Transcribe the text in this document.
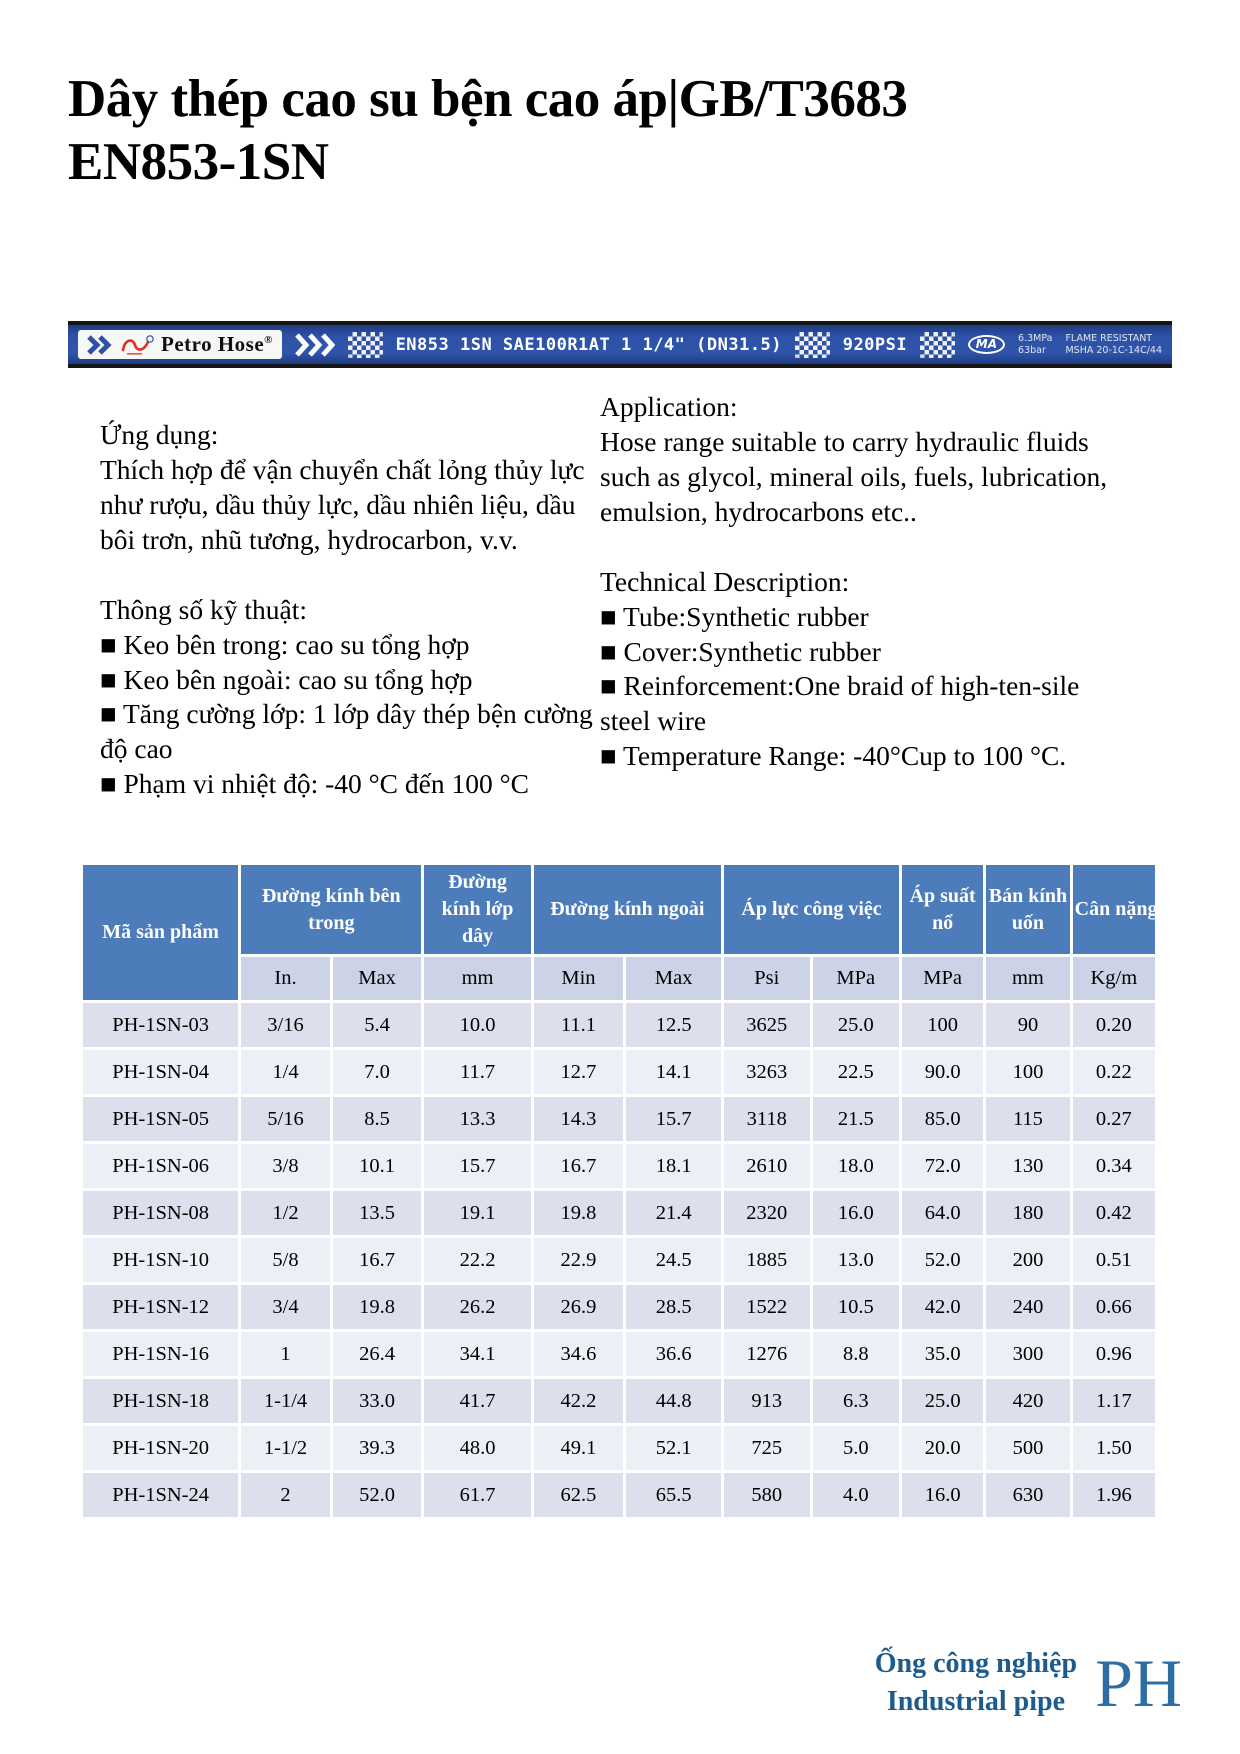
Dây thép cao su bện cao áp|GB/T3683
EN853-1SN
Petro Hose®	EN853 1SN SAE100R1AT 1 1/4" (DN31.5)	920PSI	MA	6.3MPa
63bar
FLAME RESISTANT
MSHA 20-1C-14C/44
Ứng dụng:
Thích hợp để vận chuyển chất lỏng thủy lực như rượu, dầu thủy lực, dầu nhiên liệu, dầu bôi trơn, nhũ tương, hydrocarbon, v.v.
Thông số kỹ thuật:
■ Keo bên trong: cao su tổng hợp
■ Keo bên ngoài: cao su tổng hợp
■ Tăng cường lớp: 1 lớp dây thép bện cường độ cao
■ Phạm vi nhiệt độ: -40 °C đến 100 °C
Application:
Hose range suitable to carry hydraulic fluids such as glycol, mineral oils, fuels, lubrication, emulsion, hydrocarbons etc..
Technical Description:
■ Tube:Synthetic rubber
■ Cover:Synthetic rubber
■ Reinforcement:One braid of high-ten-sile steel wire
■ Temperature Range: -40°Cup to 100 °C.
Mã sản phẩm	Đường kính bên trong		Đường kính lớp dây	Đường kính ngoài		Áp lực công việc		Áp suất nổ	Bán kính uốn	Cân nặng
	In.	Max	mm	Min	Max	Psi	MPa	MPa	mm	Kg/m
PH-1SN-03	3/16	5.4	10.0	11.1	12.5	3625	25.0	100	90	0.20
PH-1SN-04	1/4	7.0	11.7	12.7	14.1	3263	22.5	90.0	100	0.22
PH-1SN-05	5/16	8.5	13.3	14.3	15.7	3118	21.5	85.0	115	0.27
PH-1SN-06	3/8	10.1	15.7	16.7	18.1	2610	18.0	72.0	130	0.34
PH-1SN-08	1/2	13.5	19.1	19.8	21.4	2320	16.0	64.0	180	0.42
PH-1SN-10	5/8	16.7	22.2	22.9	24.5	1885	13.0	52.0	200	0.51
PH-1SN-12	3/4	19.8	26.2	26.9	28.5	1522	10.5	42.0	240	0.66
PH-1SN-16	1	26.4	34.1	34.6	36.6	1276	8.8	35.0	300	0.96
PH-1SN-18	1-1/4	33.0	41.7	42.2	44.8	913	6.3	25.0	420	1.17
PH-1SN-20	1-1/2	39.3	48.0	49.1	52.1	725	5.0	20.0	500	1.50
PH-1SN-24	2	52.0	61.7	62.5	65.5	580	4.0	16.0	630	1.96
Ống công nghiệp
Industrial pipe PH
